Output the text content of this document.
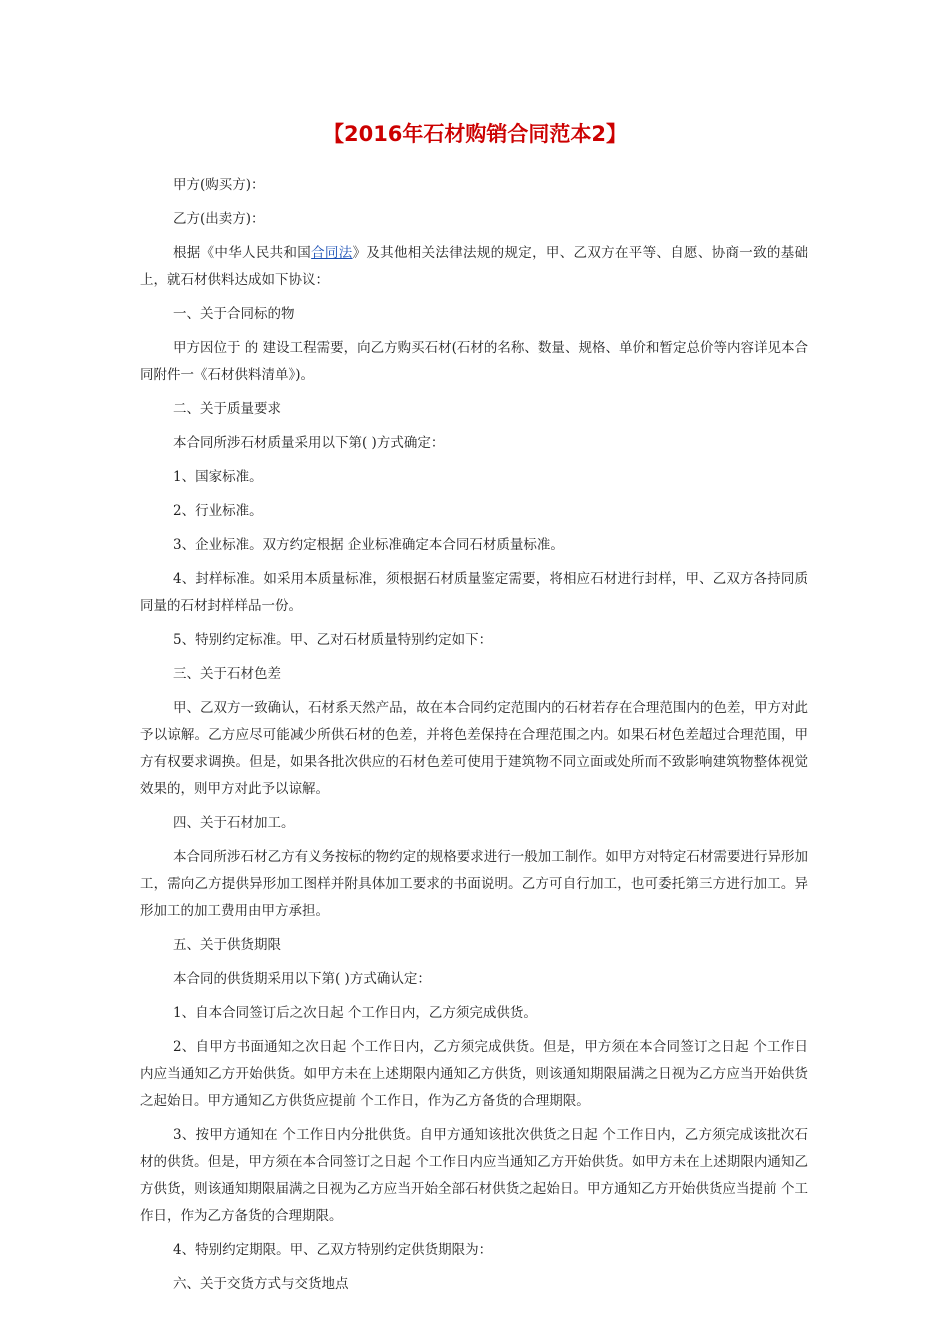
【2016年石材购销合同范本2】

甲方(购买方)：

乙方(出卖方)：

根据《中华人民共和国合同法》及其他相关法律法规的规定，甲、乙双方在平等、自愿、协商一致的基础上，就石材供料达成如下协议：

一、关于合同标的物

甲方因位于 的 建设工程需要，向乙方购买石材(石材的名称、数量、规格、单价和暂定总价等内容详见本合同附件一《石材供料清单》)。

二、关于质量要求

本合同所涉石材质量采用以下第( )方式确定：

1、国家标准。

2、行业标准。

3、企业标准。双方约定根据 企业标准确定本合同石材质量标准。

4、封样标准。如采用本质量标准，须根据石材质量鉴定需要，将相应石材进行封样，甲、乙双方各持同质同量的石材封样样品一份。

5、特别约定标准。甲、乙对石材质量特别约定如下：

三、关于石材色差

甲、乙双方一致确认，石材系天然产品，故在本合同约定范围内的石材若存在合理范围内的色差，甲方对此予以谅解。乙方应尽可能减少所供石材的色差，并将色差保持在合理范围之内。如果石材色差超过合理范围，甲方有权要求调换。但是，如果各批次供应的石材色差可使用于建筑物不同立面或处所而不致影响建筑物整体视觉效果的，则甲方对此予以谅解。

四、关于石材加工。

本合同所涉石材乙方有义务按标的物约定的规格要求进行一般加工制作。如甲方对特定石材需要进行异形加工，需向乙方提供异形加工图样并附具体加工要求的书面说明。乙方可自行加工，也可委托第三方进行加工。异形加工的加工费用由甲方承担。

五、关于供货期限

本合同的供货期采用以下第( )方式确认定：

1、自本合同签订后之次日起 个工作日内，乙方须完成供货。

2、自甲方书面通知之次日起 个工作日内，乙方须完成供货。但是，甲方须在本合同签订之日起 个工作日内应当通知乙方开始供货。如甲方未在上述期限内通知乙方供货，则该通知期限届满之日视为乙方应当开始供货之起始日。甲方通知乙方供货应提前 个工作日，作为乙方备货的合理期限。

3、按甲方通知在 个工作日内分批供货。自甲方通知该批次供货之日起 个工作日内，乙方须完成该批次石材的供货。但是，甲方须在本合同签订之日起 个工作日内应当通知乙方开始供货。如甲方未在上述期限内通知乙方供货，则该通知期限届满之日视为乙方应当开始全部石材供货之起始日。甲方通知乙方开始供货应当提前 个工作日，作为乙方备货的合理期限。

4、特别约定期限。甲、乙双方特别约定供货期限为：

六、关于交货方式与交货地点
